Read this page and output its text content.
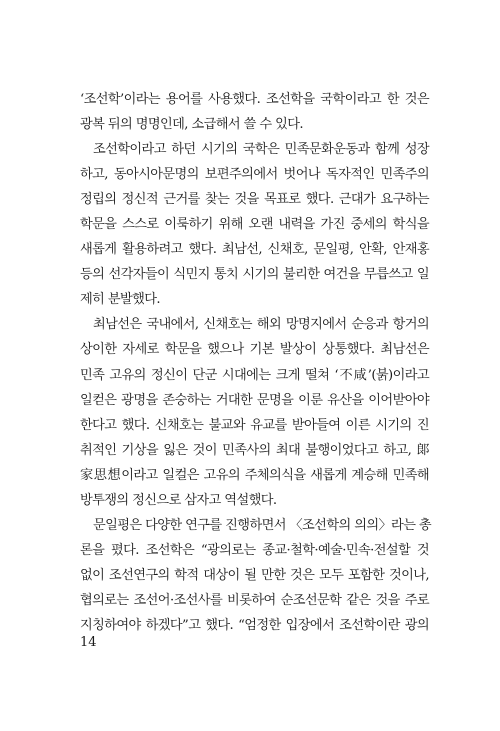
‘조선학’이라는 용어를 사용했다. 조선학을 국학이라고 한 것은
광복 뒤의 명명인데, 소급해서 쓸 수 있다.
조선학이라고 하던 시기의 국학은 민족문화운동과 함께 성장
하고, 동아시아문명의 보편주의에서 벗어나 독자적인 민족주의
정립의 정신적 근거를 찾는 것을 목표로 했다. 근대가 요구하는
학문을 스스로 이룩하기 위해 오랜 내력을 가진 중세의 학식을
새롭게 활용하려고 했다. 최남선, 신채호, 문일평, 안확, 안재홍
등의 선각자들이 식민지 통치 시기의 불리한 여건을 무릅쓰고 일
제히 분발했다.
최남선은 국내에서, 신채호는 해외 망명지에서 순응과 항거의
상이한 자세로 학문을 했으나 기본 발상이 상통했다. 최남선은
민족 고유의 정신이 단군 시대에는 크게 떨쳐 ‘不咸’(붉)이라고
일컫은 광명을 존숭하는 거대한 문명을 이룬 유산을 이어받아야
한다고 했다. 신채호는 불교와 유교를 받아들여 이른 시기의 진
취적인 기상을 잃은 것이 민족사의 최대 불행이었다고 하고, 郞
家思想이라고 일컬은 고유의 주체의식을 새롭게 계승해 민족해
방투쟁의 정신으로 삼자고 역설했다.
문일평은 다양한 연구를 진행하면서 〈조선학의 의의〉라는 총
론을 폈다. 조선학은 “광의로는 종교·철학·예술·민속·전설할 것
없이 조선연구의 학적 대상이 될 만한 것은 모두 포함한 것이나,
협의로는 조선어·조선사를 비롯하여 순조선문학 같은 것을 주로
지칭하여야 하겠다”고 했다. “엄정한 입장에서 조선학이란 광의
14
